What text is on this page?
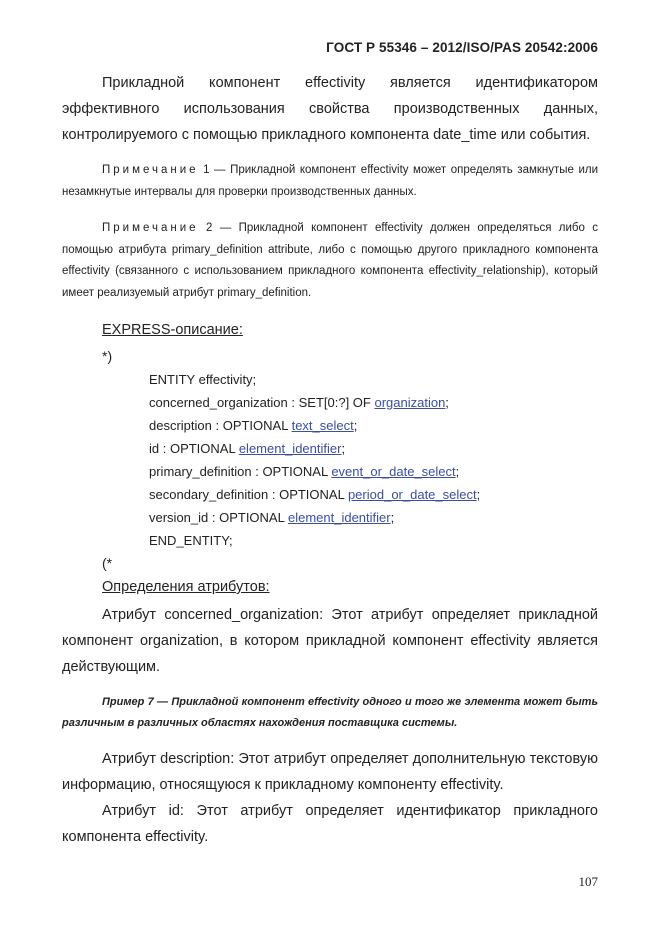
ГОСТ Р 55346 – 2012/ISO/PAS 20542:2006
Прикладной компонент effectivity является идентификатором
эффективного использования свойства производственных данных,
контролируемого с помощью прикладного компонента date_time или события.
Примечание 1 — Прикладной компонент effectivity может определять замкнутые или незамкнутые интервалы для проверки производственных данных.
Примечание 2 — Прикладной компонент effectivity должен определяться либо с помощью атрибута primary_definition attribute, либо с помощью другого прикладного компонента effectivity (связанного с использованием прикладного компонента effectivity_relationship), который имеет реализуемый атрибут primary_definition.
EXPRESS-описание:
*)
ENTITY effectivity;
concerned_organization : SET[0:?] OF organization;
description : OPTIONAL text_select;
id : OPTIONAL element_identifier;
primary_definition : OPTIONAL event_or_date_select;
secondary_definition : OPTIONAL period_or_date_select;
version_id : OPTIONAL element_identifier;
END_ENTITY;
(*
Определения атрибутов:
Атрибут concerned_organization: Этот атрибут определяет прикладной компонент organization, в котором прикладной компонент effectivity является действующим.
Пример 7 — Прикладной компонент effectivity одного и того же элемента может быть различным в различных областях нахождения поставщика системы.
Атрибут description: Этот атрибут определяет дополнительную текстовую информацию, относящуюся к прикладному компоненту effectivity.
Атрибут id: Этот атрибут определяет идентификатор прикладного компонента effectivity.
107
